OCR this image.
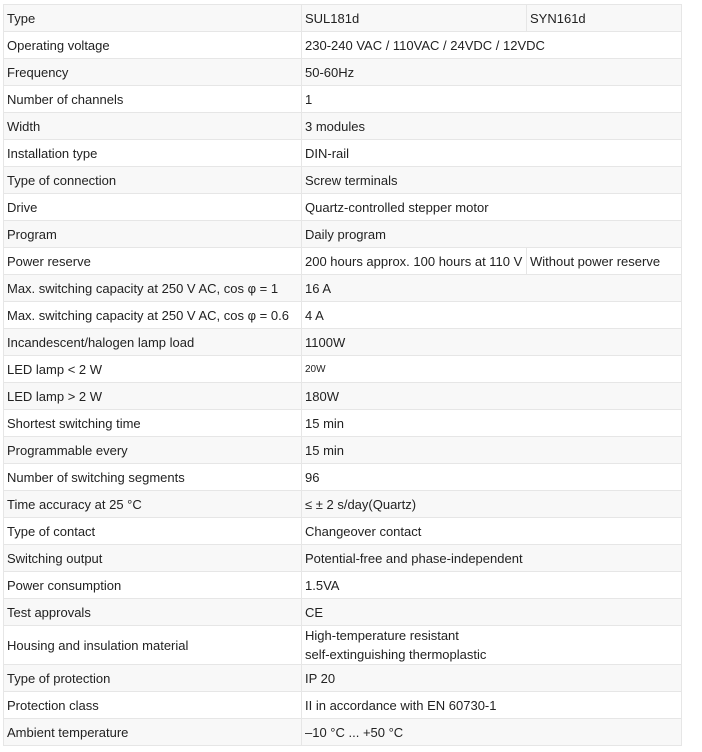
Type	SUL181d	SYN161d
Operating voltage	230-240 VAC / 110VAC / 24VDC / 12VDC	
Frequency	50-60Hz	
Number of channels	1	
Width	3 modules	
Installation type	DIN-rail	
Type of connection	Screw terminals	
Drive	Quartz-controlled stepper motor	
Program	Daily program	
Power reserve	200 hours approx. 100 hours at 110 V	Without power reserve
Max. switching capacity at 250 V AC, cos φ = 1	16 A	
Max. switching capacity at 250 V AC, cos φ = 0.6	4 A	
Incandescent/halogen lamp load	1100W	
LED lamp < 2 W	20W	
LED lamp > 2 W	180W	
Shortest switching time	15 min	
Programmable every	15 min	
Number of switching segments	96	
Time accuracy at 25 °C	≤ ± 2 s/day(Quartz)	
Type of contact	Changeover contact	
Switching output	Potential-free and phase-independent	
Power consumption	1.5VA	
Test approvals	CE	
Housing and insulation material	High-temperature resistant
self-extinguishing thermoplastic	

Type of protection	IP 20	
Protection class	II in accordance with EN 60730-1	
Ambient temperature	–10 °C ... +50 °C	
